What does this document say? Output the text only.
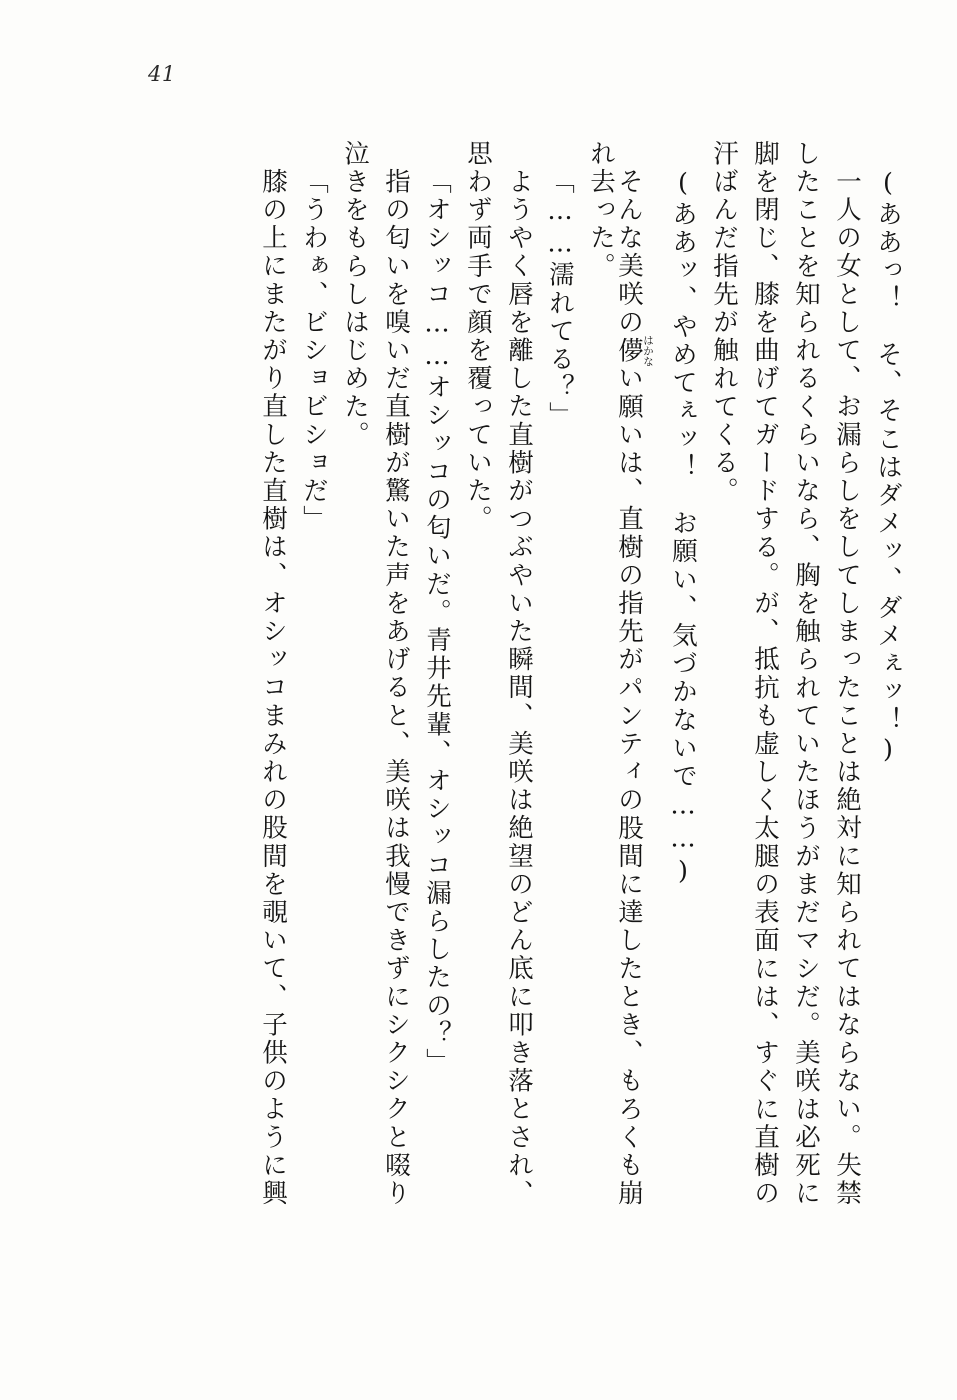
41
(ああっ！　そ、そこはダメッ、ダメぇッ！)
一人の女として、お漏らしをしてしまったことは絶対に知られてはならない。失禁
したことを知られるくらいなら、胸を触られていたほうがまだマシだ。美咲は必死に
脚を閉じ、膝を曲げてガードする。が、抵抗も虚しく太腿の表面には、すぐに直樹の
汗ばんだ指先が触れてくる。
(ああッ、やめてぇッ！　お願い、気づかないで……)
そんな美咲の儚はかない願いは、直樹の指先がパンティの股間に達したとき、もろくも崩
れ去った。
「……濡れてる？」
ようやく唇を離した直樹がつぶやいた瞬間、美咲は絶望のどん底に叩き落とされ、
思わず両手で顔を覆っていた。
「オシッコ……オシッコの匂いだ。青井先輩、オシッコ漏らしたの？」
指の匂いを嗅いだ直樹が驚いた声をあげると、美咲は我慢できずにシクシクと啜り
泣きをもらしはじめた。
「うわぁ、ビショビショだ」
膝の上にまたがり直した直樹は、オシッコまみれの股間を覗いて、子供のように興
